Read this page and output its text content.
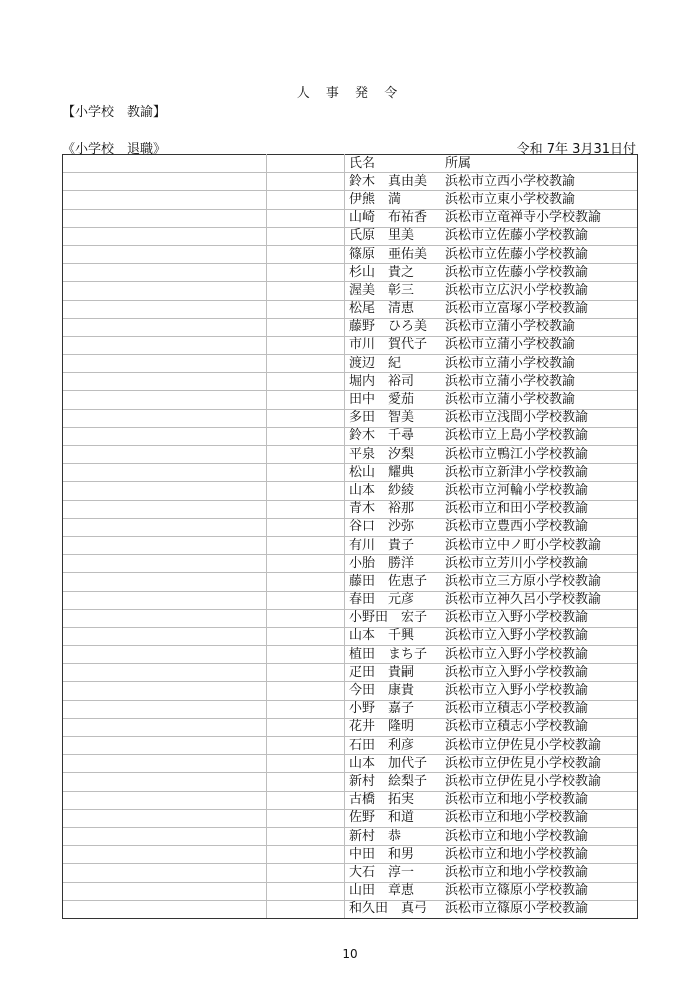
人 事 発 令
【小学校　教諭】
《小学校　退職》	令和 7年 3月31日付
		氏名	所属
		鈴木　真由美	浜松市立西小学校教諭
		伊熊　満	浜松市立東小学校教諭
		山崎　布祐香	浜松市立竜禅寺小学校教諭
		氏原　里美	浜松市立佐藤小学校教諭
		篠原　亜佑美	浜松市立佐藤小学校教諭
		杉山　貴之	浜松市立佐藤小学校教諭
		渥美　彰三	浜松市立広沢小学校教諭
		松尾　清恵	浜松市立富塚小学校教諭
		藤野　ひろ美	浜松市立蒲小学校教諭
		市川　賀代子	浜松市立蒲小学校教諭
		渡辺　紀	浜松市立蒲小学校教諭
		堀内　裕司	浜松市立蒲小学校教諭
		田中　愛茄	浜松市立蒲小学校教諭
		多田　智美	浜松市立浅間小学校教諭
		鈴木　千尋	浜松市立上島小学校教諭
		平泉　汐梨	浜松市立鴨江小学校教諭
		松山　耀典	浜松市立新津小学校教諭
		山本　紗綾	浜松市立河輪小学校教諭
		青木　裕那	浜松市立和田小学校教諭
		谷口　沙弥	浜松市立豊西小学校教諭
		有川　貴子	浜松市立中ノ町小学校教諭
		小胎　勝洋	浜松市立芳川小学校教諭
		藤田　佐恵子	浜松市立三方原小学校教諭
		春田　元彦	浜松市立神久呂小学校教諭
		小野田　宏子	浜松市立入野小学校教諭
		山本　千興	浜松市立入野小学校教諭
		植田　まち子	浜松市立入野小学校教諭
		疋田　貴嗣	浜松市立入野小学校教諭
		今田　康貴	浜松市立入野小学校教諭
		小野　嘉子	浜松市立積志小学校教諭
		花井　隆明	浜松市立積志小学校教諭
		石田　利彦	浜松市立伊佐見小学校教諭
		山本　加代子	浜松市立伊佐見小学校教諭
		新村　絵梨子	浜松市立伊佐見小学校教諭
		古橋　拓実	浜松市立和地小学校教諭
		佐野　和道	浜松市立和地小学校教諭
		新村　恭	浜松市立和地小学校教諭
		中田　和男	浜松市立和地小学校教諭
		大石　淳一	浜松市立和地小学校教諭
		山田　章恵	浜松市立篠原小学校教諭
		和久田　真弓	浜松市立篠原小学校教諭
10
